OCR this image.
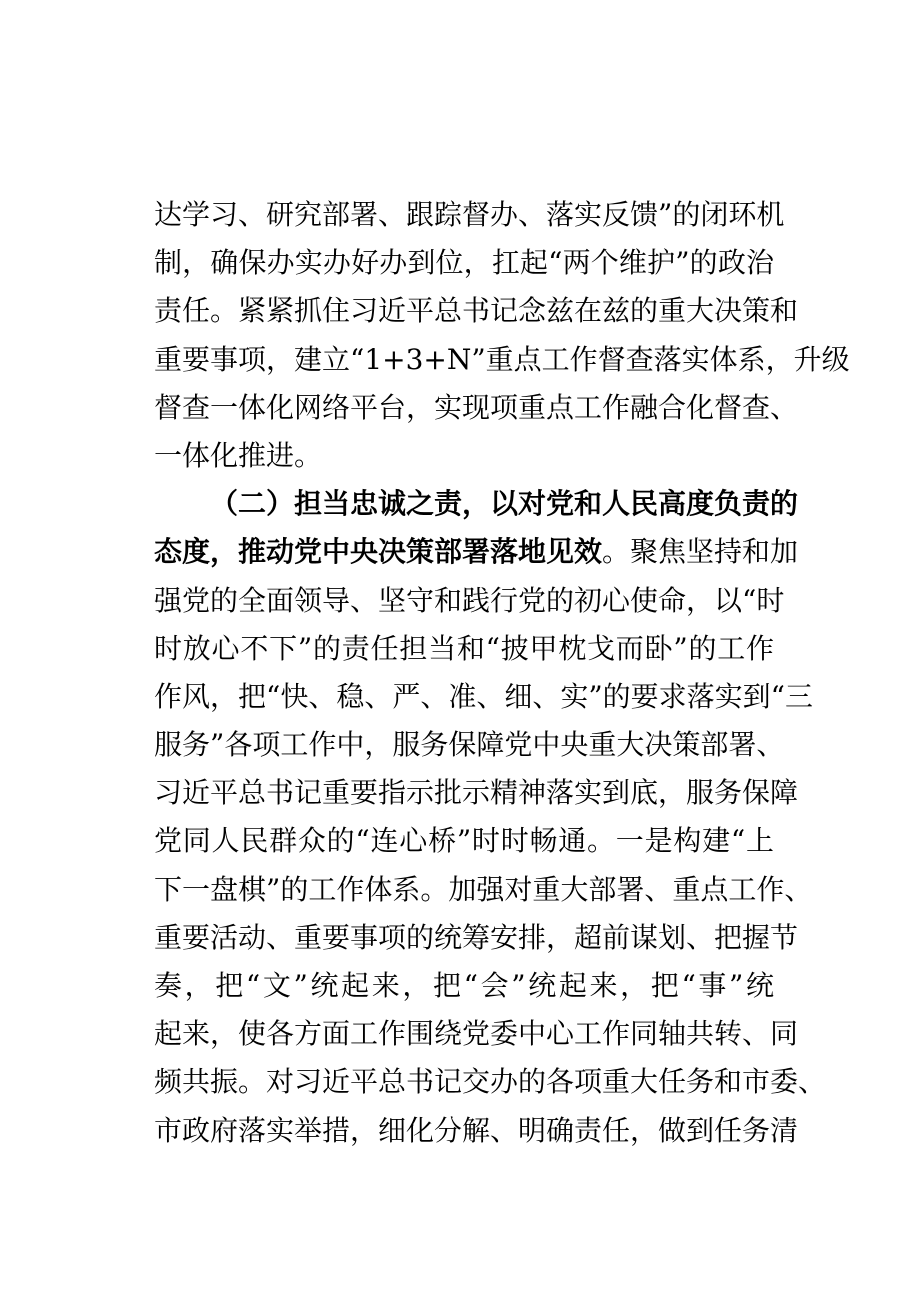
达学习、研究部署、跟踪督办、落实反馈”的闭环机
制，确保办实办好办到位，扛起“两个维护”的政治
责任。紧紧抓住习近平总书记念兹在兹的重大决策和
重要事项，建立“1+3+N”重点工作督查落实体系，升级
督查一体化网络平台，实现项重点工作融合化督查、
一体化推进。
（二）担当忠诚之责，以对党和人民高度负责的
态度，推动党中央决策部署落地见效。聚焦坚持和加
强党的全面领导、坚守和践行党的初心使命，以“时
时放心不下”的责任担当和“披甲枕戈而卧”的工作
作风，把“快、稳、严、准、细、实”的要求落实到“三
服务”各项工作中，服务保障党中央重大决策部署、
习近平总书记重要指示批示精神落实到底，服务保障
党同人民群众的“连心桥”时时畅通。一是构建“上
下一盘棋”的工作体系。加强对重大部署、重点工作、
重要活动、重要事项的统筹安排，超前谋划、把握节
奏，把“文”统起来，把“会”统起来，把“事”统
起来，使各方面工作围绕党委中心工作同轴共转、同
频共振。对习近平总书记交办的各项重大任务和市委、
市政府落实举措，细化分解、明确责任，做到任务清
